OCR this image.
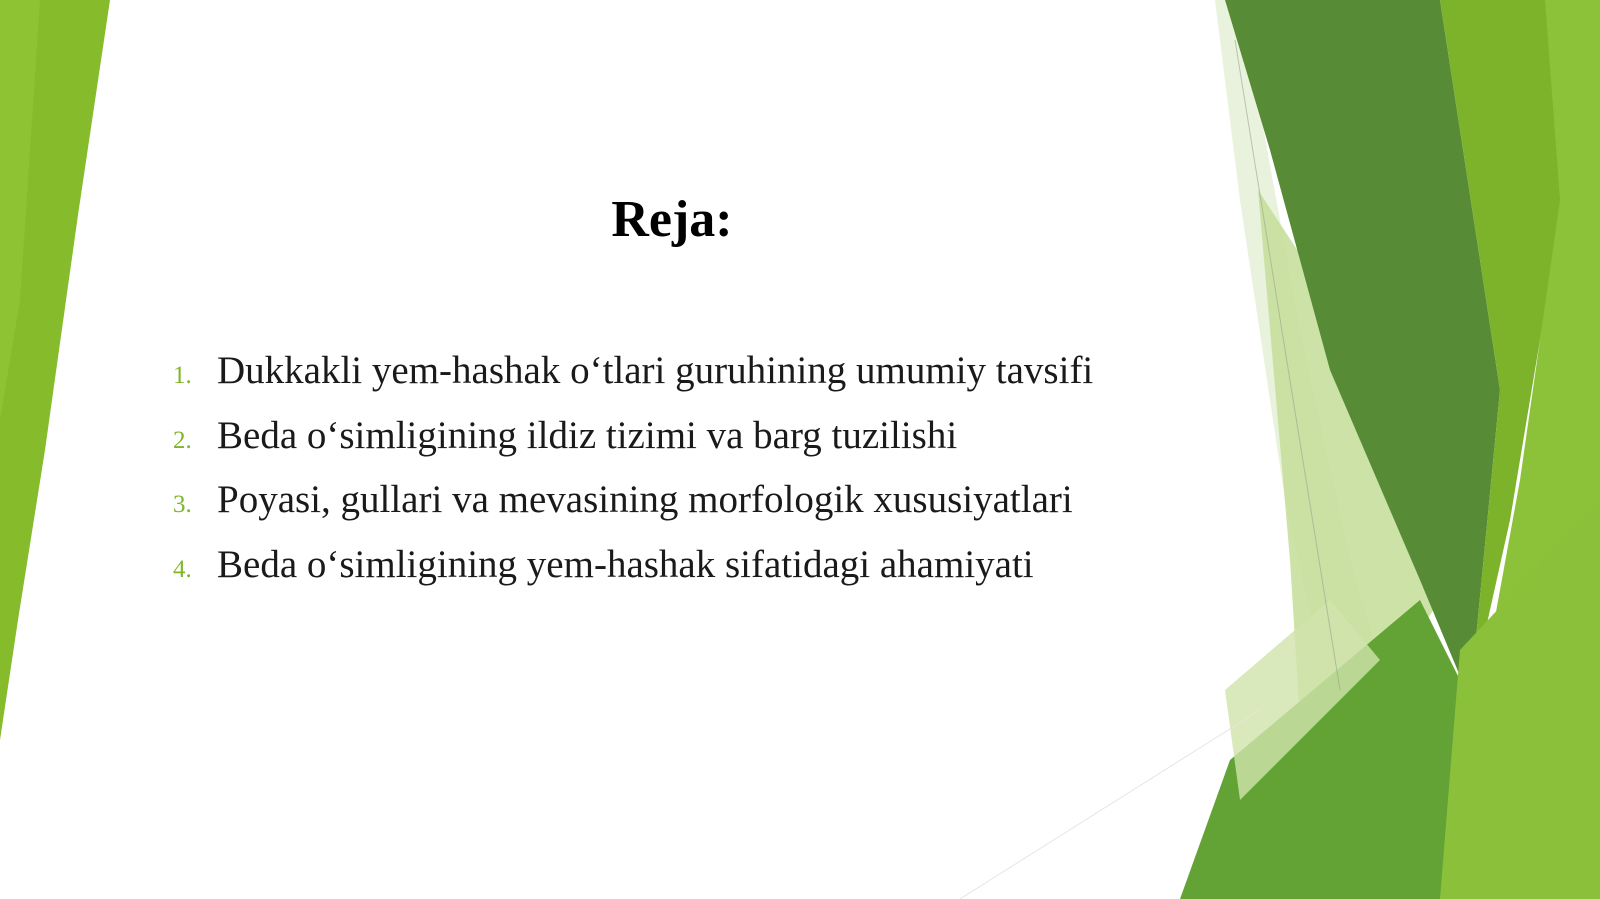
Reja:
1. Dukkakli yem-hashak o‘tlari guruhining umumiy tavsifi
2. Beda o‘simligining ildiz tizimi va barg tuzilishi
3. Poyasi, gullari va mevasining morfologik xususiyatlari
4. Beda o‘simligining yem-hashak sifatidagi ahamiyati
